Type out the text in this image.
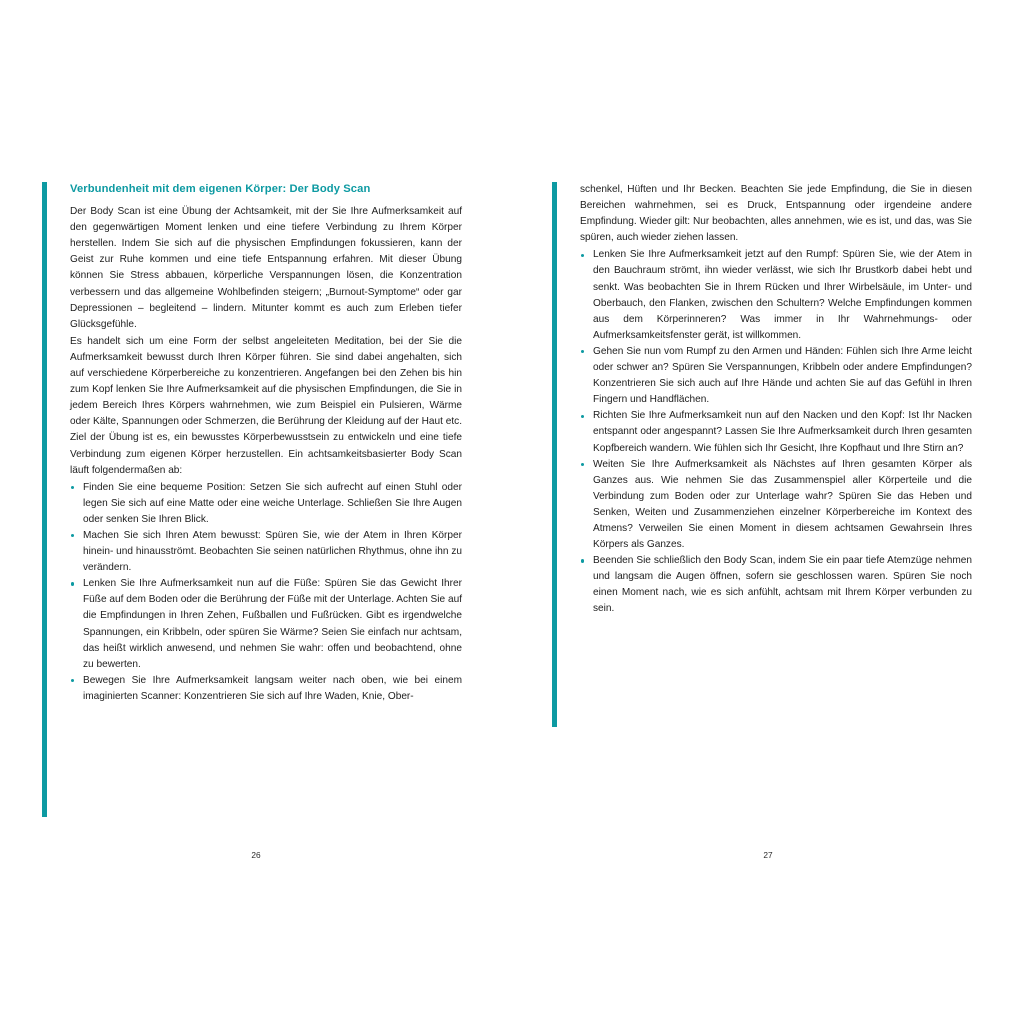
Verbundenheit mit dem eigenen Körper: Der Body Scan

Der Body Scan ist eine Übung der Achtsamkeit, mit der Sie Ihre Aufmerksamkeit auf den gegenwärtigen Moment lenken und eine tiefere Verbindung zu Ihrem Körper herstellen. Indem Sie sich auf die physischen Empfindungen fokussieren, kann der Geist zur Ruhe kommen und eine tiefe Entspannung erfahren. Mit dieser Übung können Sie Stress abbauen, körperliche Verspannungen lösen, die Konzentration verbessern und das allgemeine Wohlbefinden steigern; „Burnout-Symptome“ oder gar Depressionen – begleitend – lindern. Mitunter kommt es auch zum Erleben tiefer Glücksgefühle.

Es handelt sich um eine Form der selbst angeleiteten Meditation, bei der Sie die Aufmerksamkeit bewusst durch Ihren Körper führen. Sie sind dabei angehalten, sich auf verschiedene Körperbereiche zu konzentrieren. Angefangen bei den Zehen bis hin zum Kopf lenken Sie Ihre Aufmerksamkeit auf die physischen Empfindungen, die Sie in jedem Bereich Ihres Körpers wahrnehmen, wie zum Beispiel ein Pulsieren, Wärme oder Kälte, Spannungen oder Schmerzen, die Berührung der Kleidung auf der Haut etc. Ziel der Übung ist es, ein bewusstes Körperbewusstsein zu entwickeln und eine tiefe Verbindung zum eigenen Körper herzustellen. Ein achtsamkeitsbasierter Body Scan läuft folgendermaßen ab:

Finden Sie eine bequeme Position: Setzen Sie sich aufrecht auf einen Stuhl oder legen Sie sich auf eine Matte oder eine weiche Unterlage. Schließen Sie Ihre Augen oder senken Sie Ihren Blick.
Machen Sie sich Ihren Atem bewusst: Spüren Sie, wie der Atem in Ihren Körper hinein- und hinausströmt. Beobachten Sie seinen natürlichen Rhythmus, ohne ihn zu verändern.
Lenken Sie Ihre Aufmerksamkeit nun auf die Füße: Spüren Sie das Gewicht Ihrer Füße auf dem Boden oder die Berührung der Füße mit der Unterlage. Achten Sie auf die Empfindungen in Ihren Zehen, Fußballen und Fußrücken. Gibt es irgendwelche Spannungen, ein Kribbeln, oder spüren Sie Wärme? Seien Sie einfach nur achtsam, das heißt wirklich anwesend, und nehmen Sie wahr: offen und beobachtend, ohne zu bewerten.
Bewegen Sie Ihre Aufmerksamkeit langsam weiter nach oben, wie bei einem imaginierten Scanner: Konzentrieren Sie sich auf Ihre Waden, Knie, Ober-

schenkel, Hüften und Ihr Becken. Beachten Sie jede Empfindung, die Sie in diesen Bereichen wahrnehmen, sei es Druck, Entspannung oder irgendeine andere Empfindung. Wieder gilt: Nur beobachten, alles annehmen, wie es ist, und das, was Sie spüren, auch wieder ziehen lassen.

Lenken Sie Ihre Aufmerksamkeit jetzt auf den Rumpf: Spüren Sie, wie der Atem in den Bauchraum strömt, ihn wieder verlässt, wie sich Ihr Brustkorb dabei hebt und senkt. Was beobachten Sie in Ihrem Rücken und Ihrer Wirbelsäule, im Unter- und Oberbauch, den Flanken, zwischen den Schultern? Welche Empfindungen kommen aus dem Körperinneren? Was immer in Ihr Wahrnehmungs- oder Aufmerksamkeitsfenster gerät, ist willkommen.
Gehen Sie nun vom Rumpf zu den Armen und Händen: Fühlen sich Ihre Arme leicht oder schwer an? Spüren Sie Verspannungen, Kribbeln oder andere Empfindungen? Konzentrieren Sie sich auch auf Ihre Hände und achten Sie auf das Gefühl in Ihren Fingern und Handflächen.
Richten Sie Ihre Aufmerksamkeit nun auf den Nacken und den Kopf: Ist Ihr Nacken entspannt oder angespannt? Lassen Sie Ihre Aufmerksamkeit durch Ihren gesamten Kopfbereich wandern. Wie fühlen sich Ihr Gesicht, Ihre Kopfhaut und Ihre Stirn an?
Weiten Sie Ihre Aufmerksamkeit als Nächstes auf Ihren gesamten Körper als Ganzes aus. Wie nehmen Sie das Zusammenspiel aller Körperteile und die Verbindung zum Boden oder zur Unterlage wahr? Spüren Sie das Heben und Senken, Weiten und Zusammenziehen einzelner Körperbereiche im Kontext des Atmens? Verweilen Sie einen Moment in diesem achtsamen Gewahrsein Ihres Körpers als Ganzes.
Beenden Sie schließlich den Body Scan, indem Sie ein paar tiefe Atemzüge nehmen und langsam die Augen öffnen, sofern sie geschlossen waren. Spüren Sie noch einen Moment nach, wie es sich anfühlt, achtsam mit Ihrem Körper verbunden zu sein.
26	27
